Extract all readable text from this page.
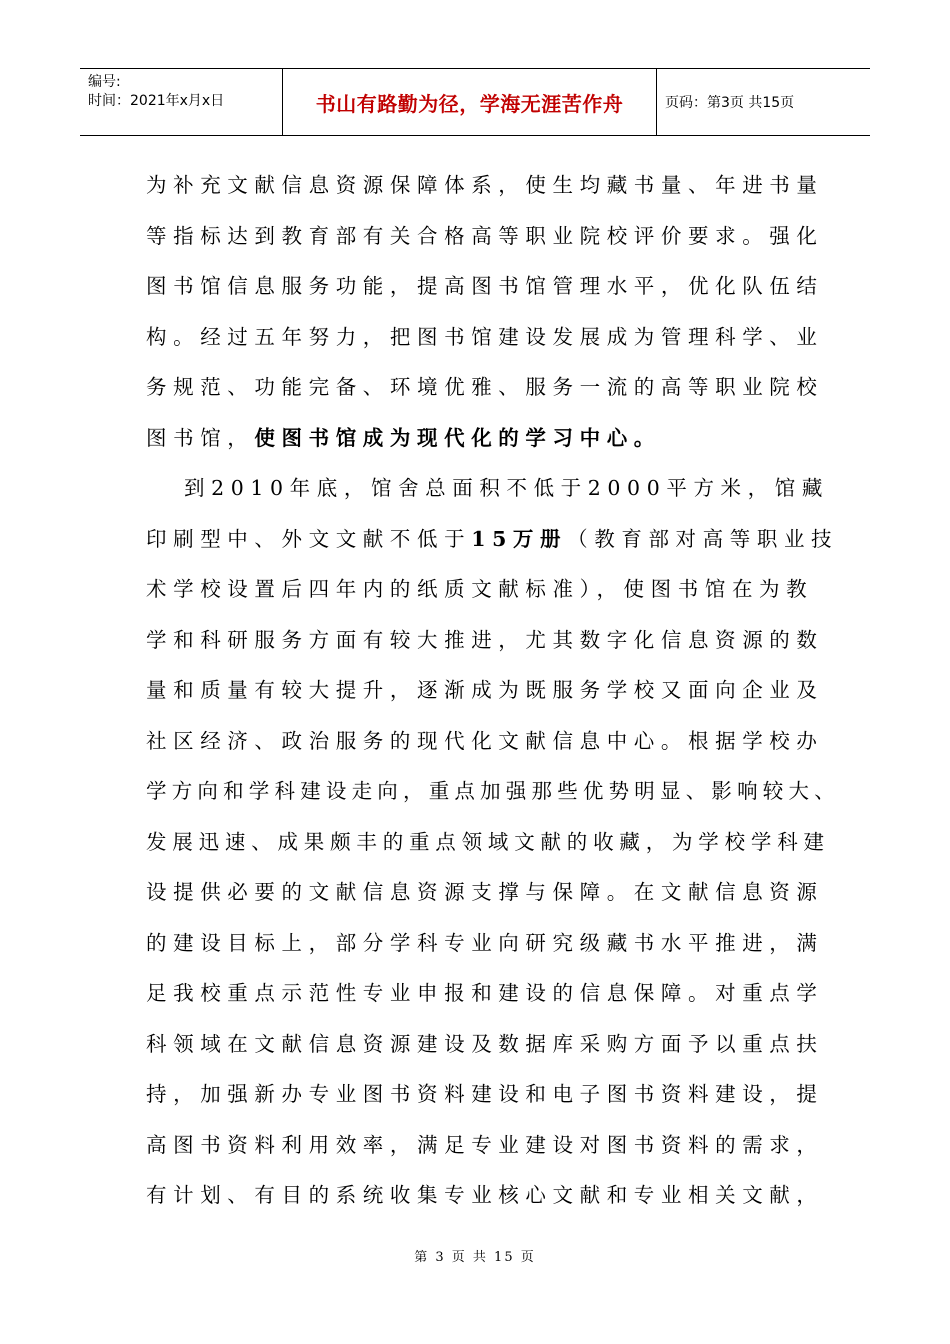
编号:
时间：2021年x月x日	书山有路勤为径，学海无涯苦作舟	页码：第3页 共15页
为补充文献信息资源保障体系，使生均藏书量、年进书量
等指标达到教育部有关合格高等职业院校评价要求。强化
图书馆信息服务功能，提高图书馆管理水平，优化队伍结
构。经过五年努力，把图书馆建设发展成为管理科学、业
务规范、功能完备、环境优雅、服务一流的高等职业院校
图书馆，使图书馆成为现代化的学习中心。
到2010年底，馆舍总面积不低于2000平方米，馆藏
印刷型中、外文文献不低于15万册（教育部对高等职业技
术学校设置后四年内的纸质文献标准），使图书馆在为教
学和科研服务方面有较大推进，尤其数字化信息资源的数
量和质量有较大提升，逐渐成为既服务学校又面向企业及
社区经济、政治服务的现代化文献信息中心。根据学校办
学方向和学科建设走向，重点加强那些优势明显、影响较大、
发展迅速、成果颇丰的重点领域文献的收藏，为学校学科建
设提供必要的文献信息资源支撑与保障。在文献信息资源
的建设目标上，部分学科专业向研究级藏书水平推进，满
足我校重点示范性专业申报和建设的信息保障。对重点学
科领域在文献信息资源建设及数据库采购方面予以重点扶
持，加强新办专业图书资料建设和电子图书资料建设，提
高图书资料利用效率，满足专业建设对图书资料的需求，
有计划、有目的系统收集专业核心文献和专业相关文献，
第 3 页 共 15 页
